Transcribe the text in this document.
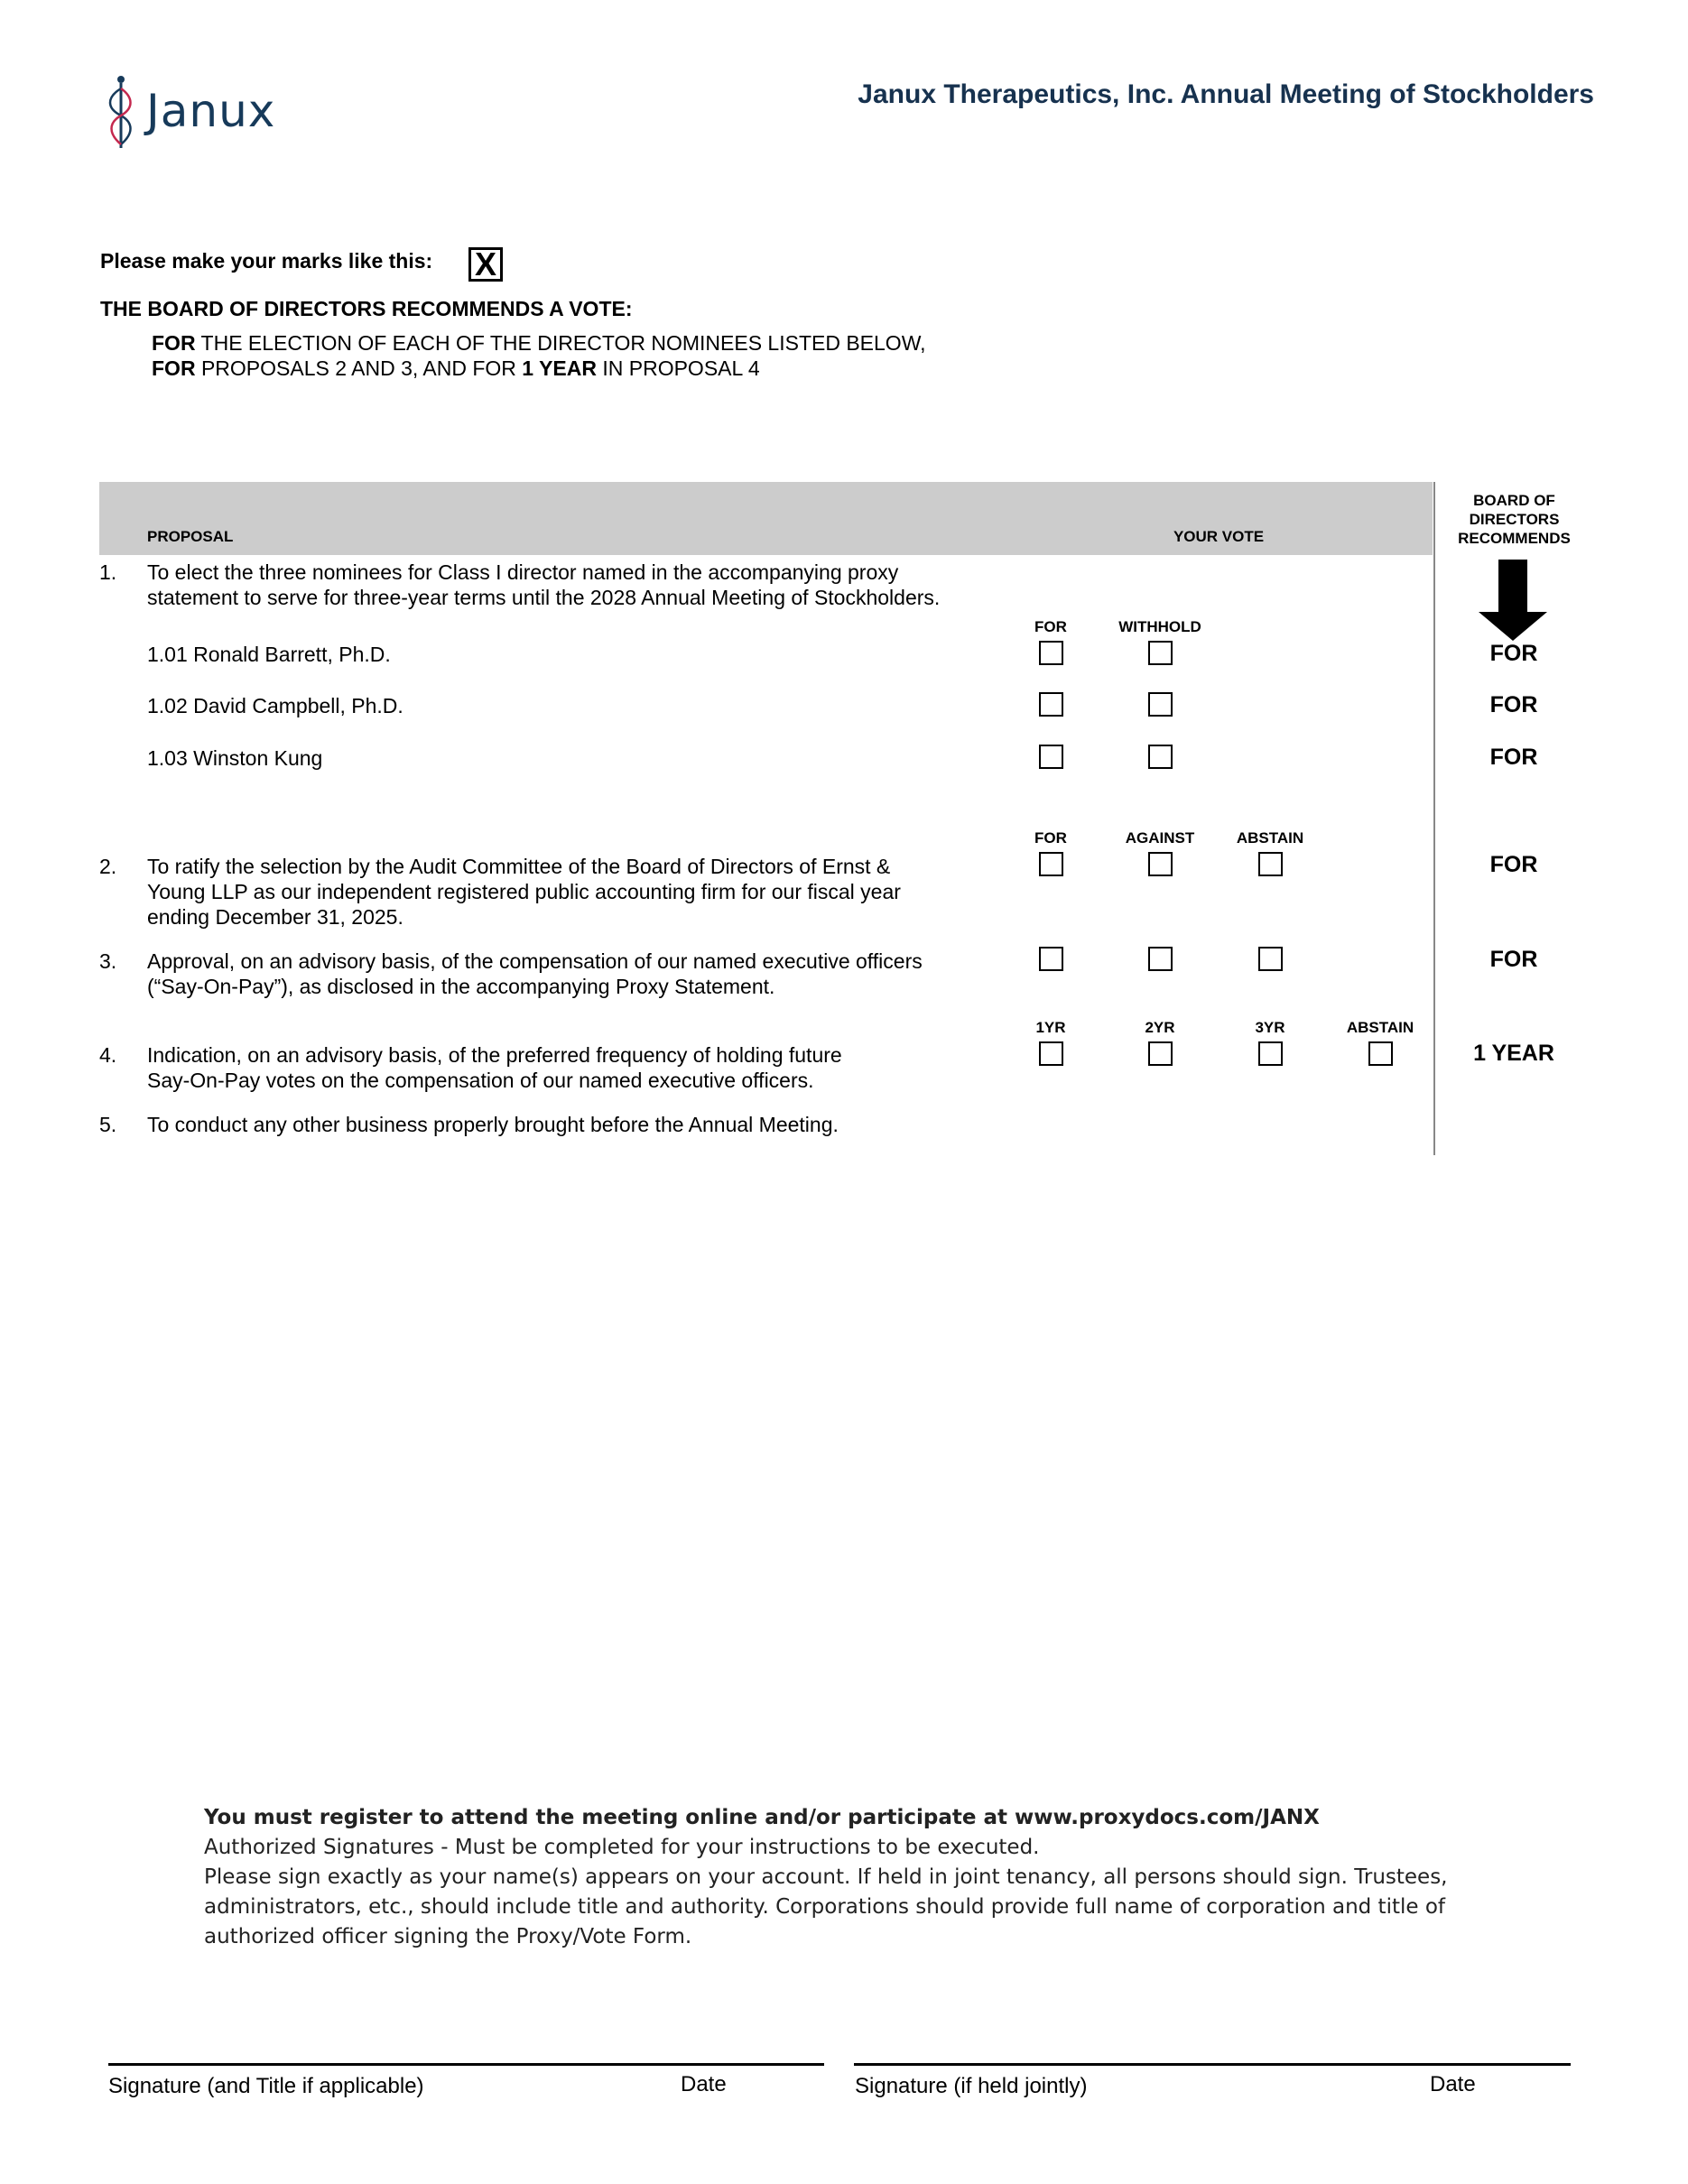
Janux	Janux Therapeutics, Inc. Annual Meeting of Stockholders
Please make your marks like this: X
THE BOARD OF DIRECTORS RECOMMENDS A VOTE:
FOR THE ELECTION OF EACH OF THE DIRECTOR NOMINEES LISTED BELOW,
FOR PROPOSALS 2 AND 3, AND FOR 1 YEAR IN PROPOSAL 4
PROPOSAL	YOUR VOTE
BOARD OF
DIRECTORS
RECOMMENDS
1. To elect the three nominees for Class I director named in the accompanying proxy
statement to serve for three-year terms until the 2028 Annual Meeting of Stockholders.
FOR	WITHHOLD
1.01 Ronald Barrett, Ph.D.	FOR
1.02 David Campbell, Ph.D.	FOR
1.03 Winston Kung	FOR
FOR	AGAINST	ABSTAIN
2. To ratify the selection by the Audit Committee of the Board of Directors of Ernst &
Young LLP as our independent registered public accounting firm for our fiscal year
ending December 31, 2025.
FOR
3. Approval, on an advisory basis, of the compensation of our named executive officers
(“Say-On-Pay”), as disclosed in the accompanying Proxy Statement.
FOR
1YR	2YR	3YR	ABSTAIN
4. Indication, on an advisory basis, of the preferred frequency of holding future
Say-On-Pay votes on the compensation of our named executive officers.
1 YEAR
5. To conduct any other business properly brought before the Annual Meeting.
You must register to attend the meeting online and/or participate at www.proxydocs.com/JANX
Authorized Signatures - Must be completed for your instructions to be executed.
Please sign exactly as your name(s) appears on your account. If held in joint tenancy, all persons should sign. Trustees,
administrators, etc., should include title and authority. Corporations should provide full name of corporation and title of
authorized officer signing the Proxy/Vote Form.
Signature (and Title if applicable)	Date	Signature (if held jointly)	Date
